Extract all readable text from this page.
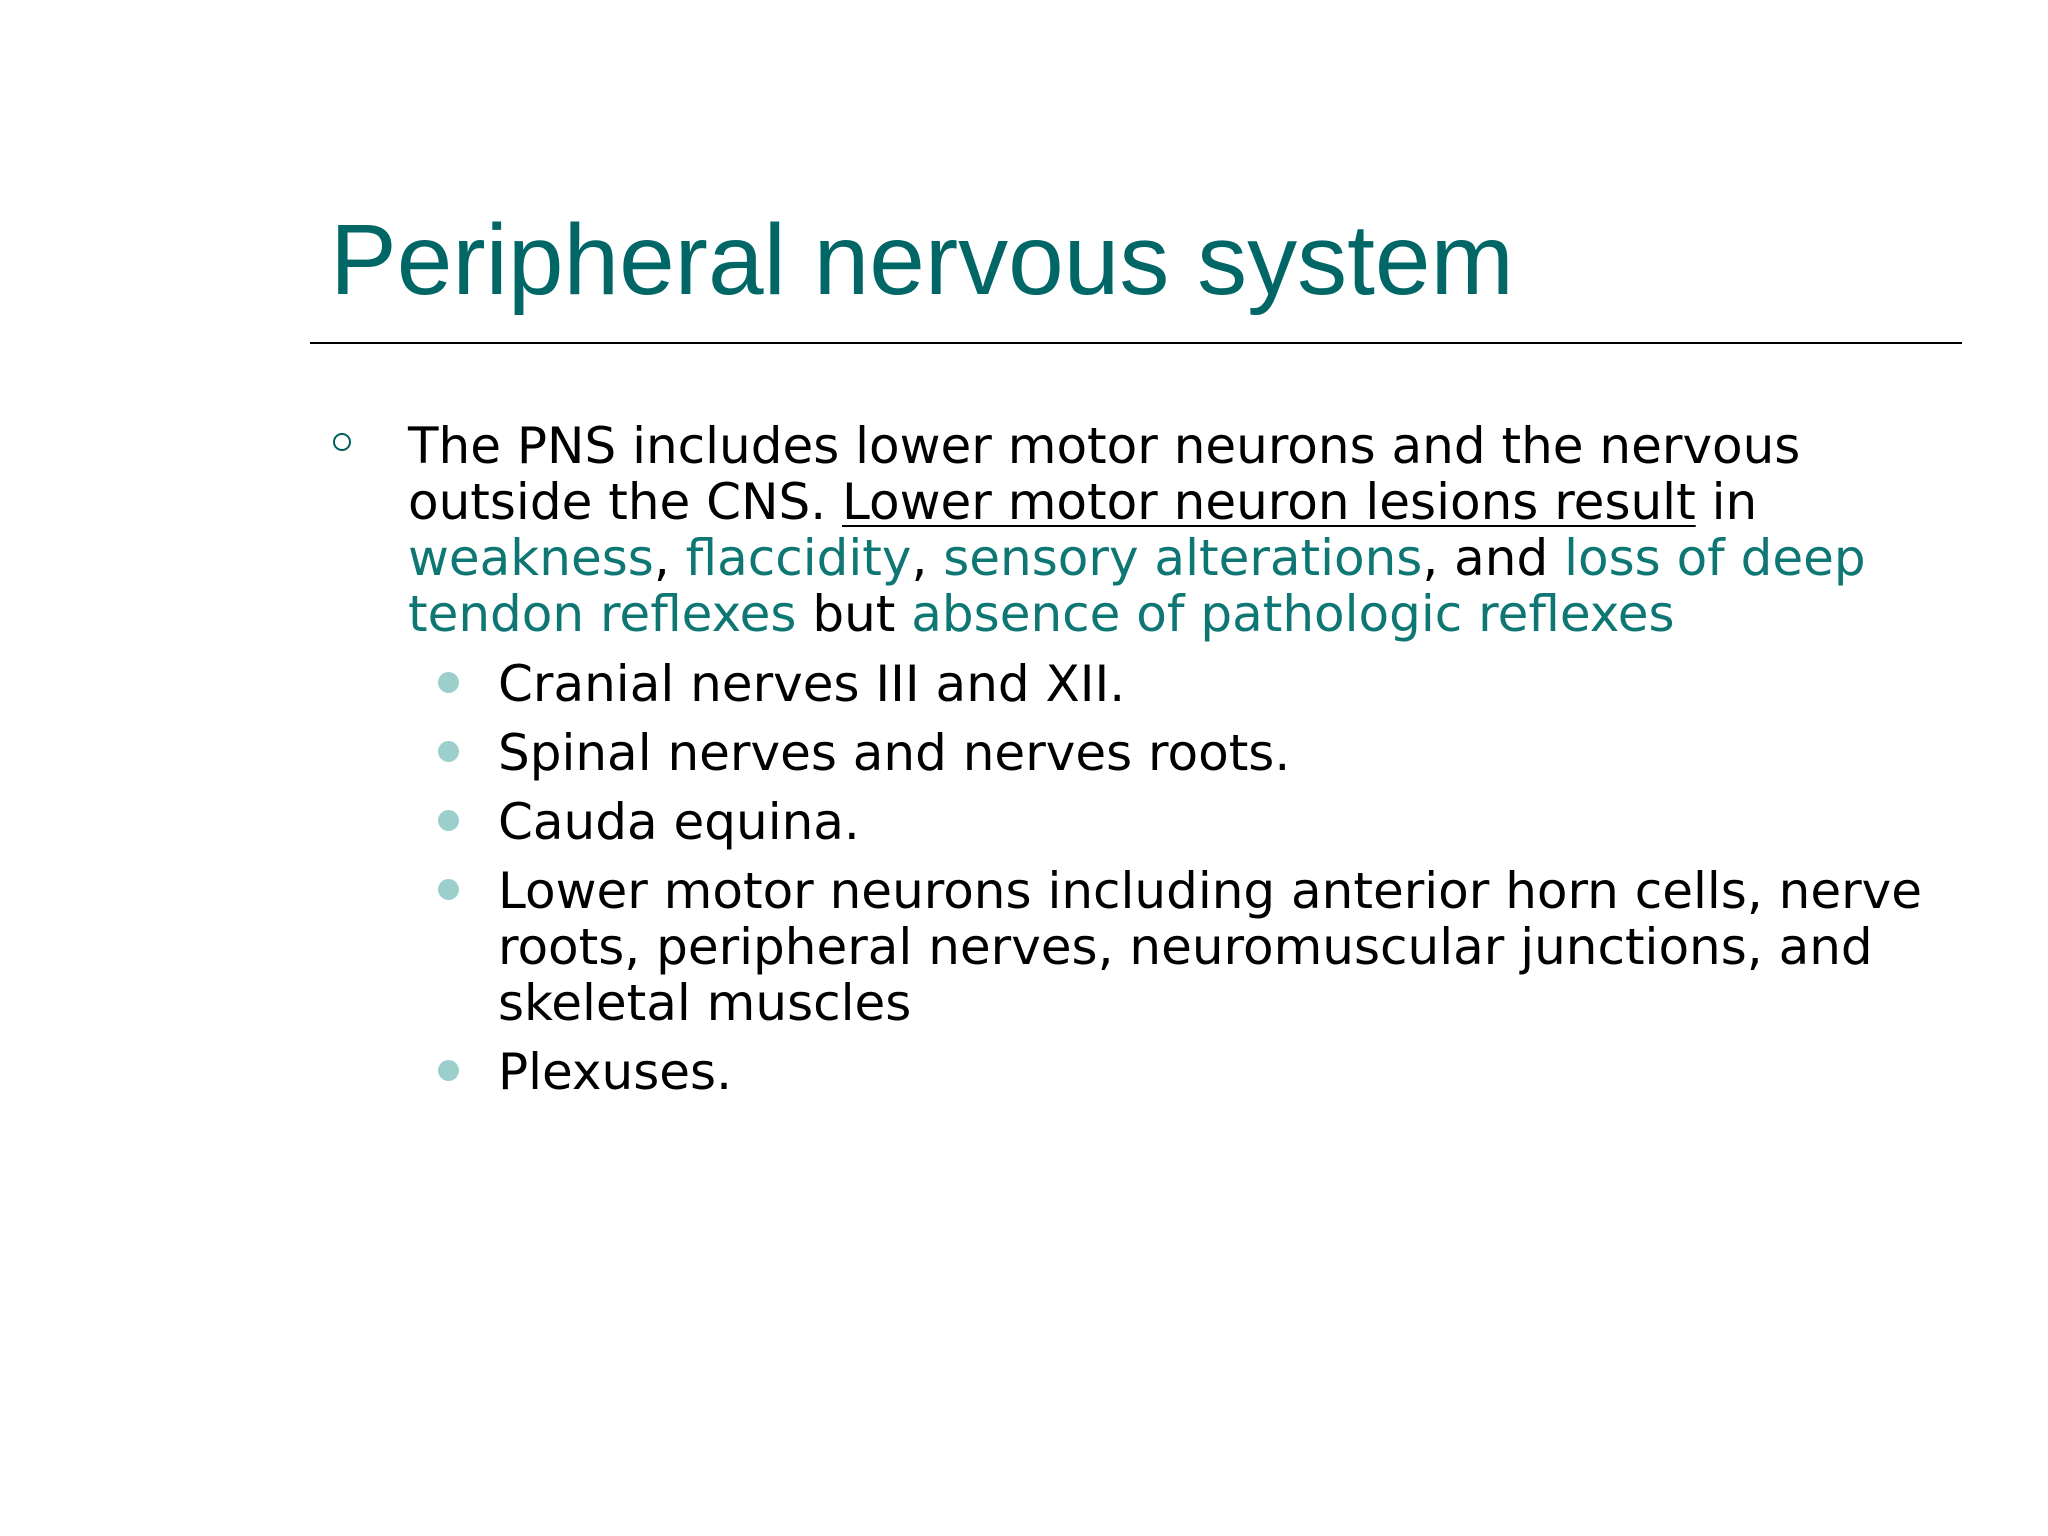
Peripheral nervous system

The PNS includes lower motor neurons and the nervous outside the CNS. Lower motor neuron lesions result in weakness, flaccidity, sensory alterations, and loss of deep tendon reflexes but absence of pathologic reflexes

Cranial nerves III and XII.
Spinal nerves and nerves roots.
Cauda equina.
Lower motor neurons including anterior horn cells, nerve roots, peripheral nerves, neuromuscular junctions, and skeletal muscles
Plexuses.
